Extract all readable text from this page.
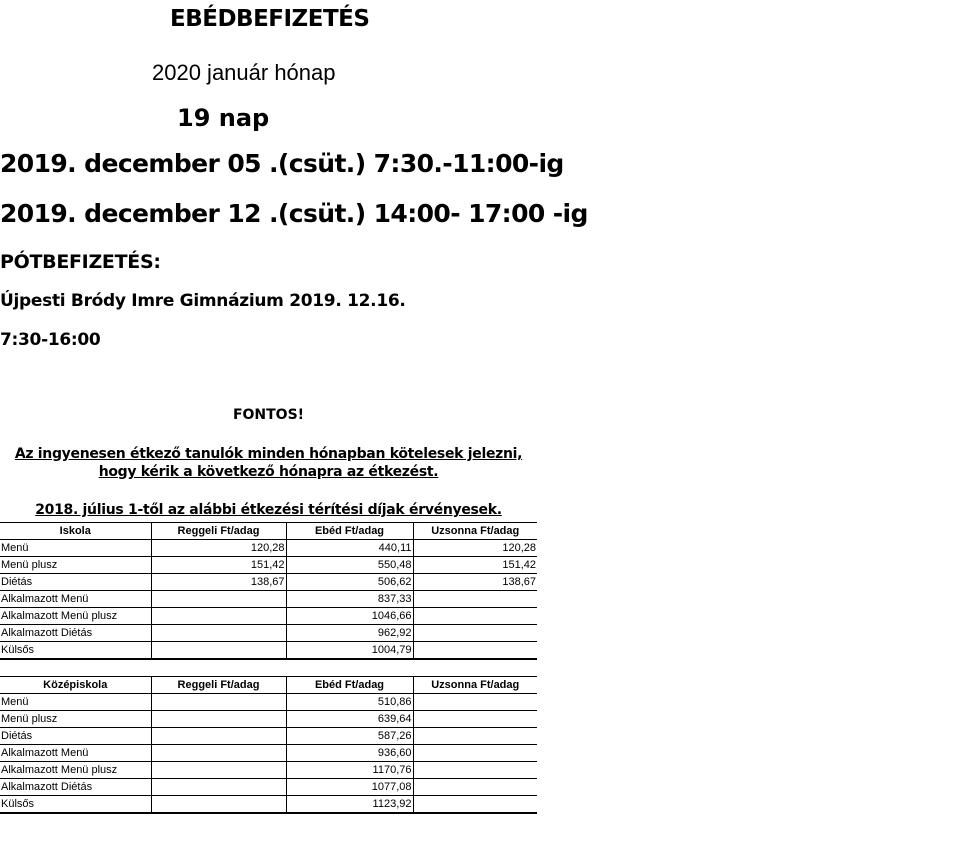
EBÉDBEFIZETÉS
2020 január hónap
19 nap
2019. december 05 .(csüt.) 7:30.-11:00-ig
2019. december 12 .(csüt.) 14:00- 17:00 -ig
PÓTBEFIZETÉS:
Újpesti Bródy Imre Gimnázium 2019. 12.16.
7:30-16:00
FONTOS!
Az ingyenesen étkező tanulók minden hónapban kötelesek jelezni, hogy kérik a következő hónapra az étkezést.
2018. július 1-től az alábbi étkezési térítési díjak érvényesek.
Iskola	Reggeli Ft/adag	Ebéd Ft/adag	Uzsonna Ft/adag
Menü	120,28	440,11	120,28
Menü plusz	151,42	550,48	151,42
Diétás	138,67	506,62	138,67
Alkalmazott Menü		837,33	
Alkalmazott Menü plusz		1046,66	
Alkalmazott Diétás		962,92	
Külsős		1004,79	
Középiskola	Reggeli Ft/adag	Ebéd Ft/adag	Uzsonna Ft/adag
Menü		510,86	
Menü plusz		639,64	
Diétás		587,26	
Alkalmazott Menü		936,60	
Alkalmazott Menü plusz		1170,76	
Alkalmazott Diétás		1077,08	
Külsős		1123,92	
